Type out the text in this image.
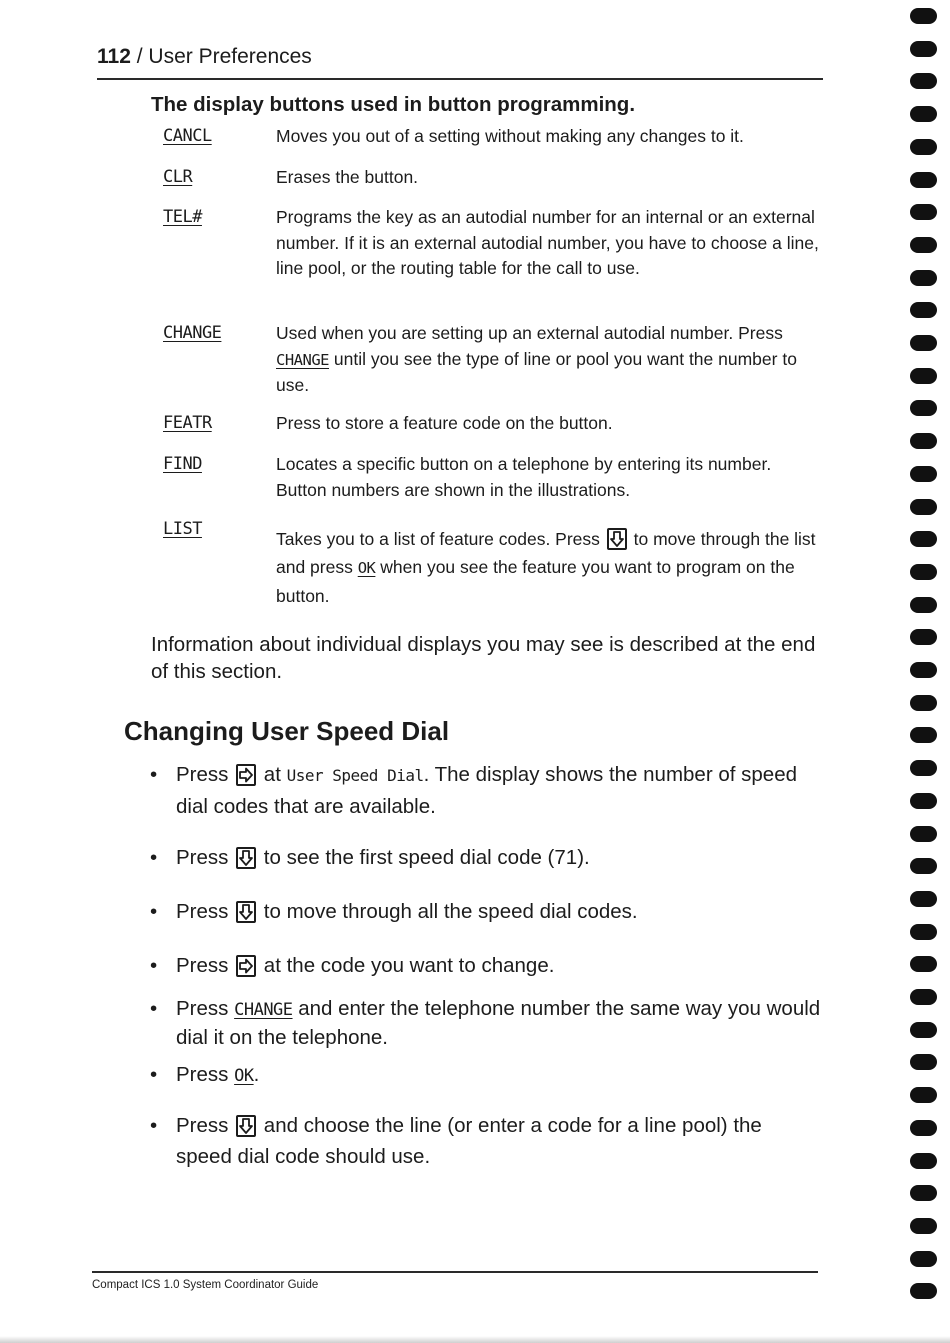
112 / User Preferences
The display buttons used in button programming.
CANCL	Moves you out of a setting without making any changes to it.
CLR	Erases the button.
TEL#	Programs the key as an autodial number for an internal or an external number. If it is an external autodial number, you have to choose a line, line pool, or the routing table for the call to use.
CHANGE	Used when you are setting up an external autodial number. Press CHANGE until you see the type of line or pool you want the number to use.
FEATR	Press to store a feature code on the button.
FIND	Locates a specific button on a telephone by entering its number. Button numbers are shown in the illustrations.
LIST	Takes you to a list of feature codes. Press
to move through the list and press OK when you see the feature you want to program on the button.
Information about individual displays you may see is described at the end of this section.
Changing User Speed Dial
• Press
at User Speed Dial. The display shows the number of speed dial codes that are available.
• Press
to see the first speed dial code (71).
• Press
to move through all the speed dial codes.
• Press
at the code you want to change.
• Press CHANGE and enter the telephone number the same way you would dial it on the telephone.
• Press OK.
• Press
and choose the line (or enter a code for a line pool) the speed dial code should use.
Compact ICS 1.0 System Coordinator Guide
